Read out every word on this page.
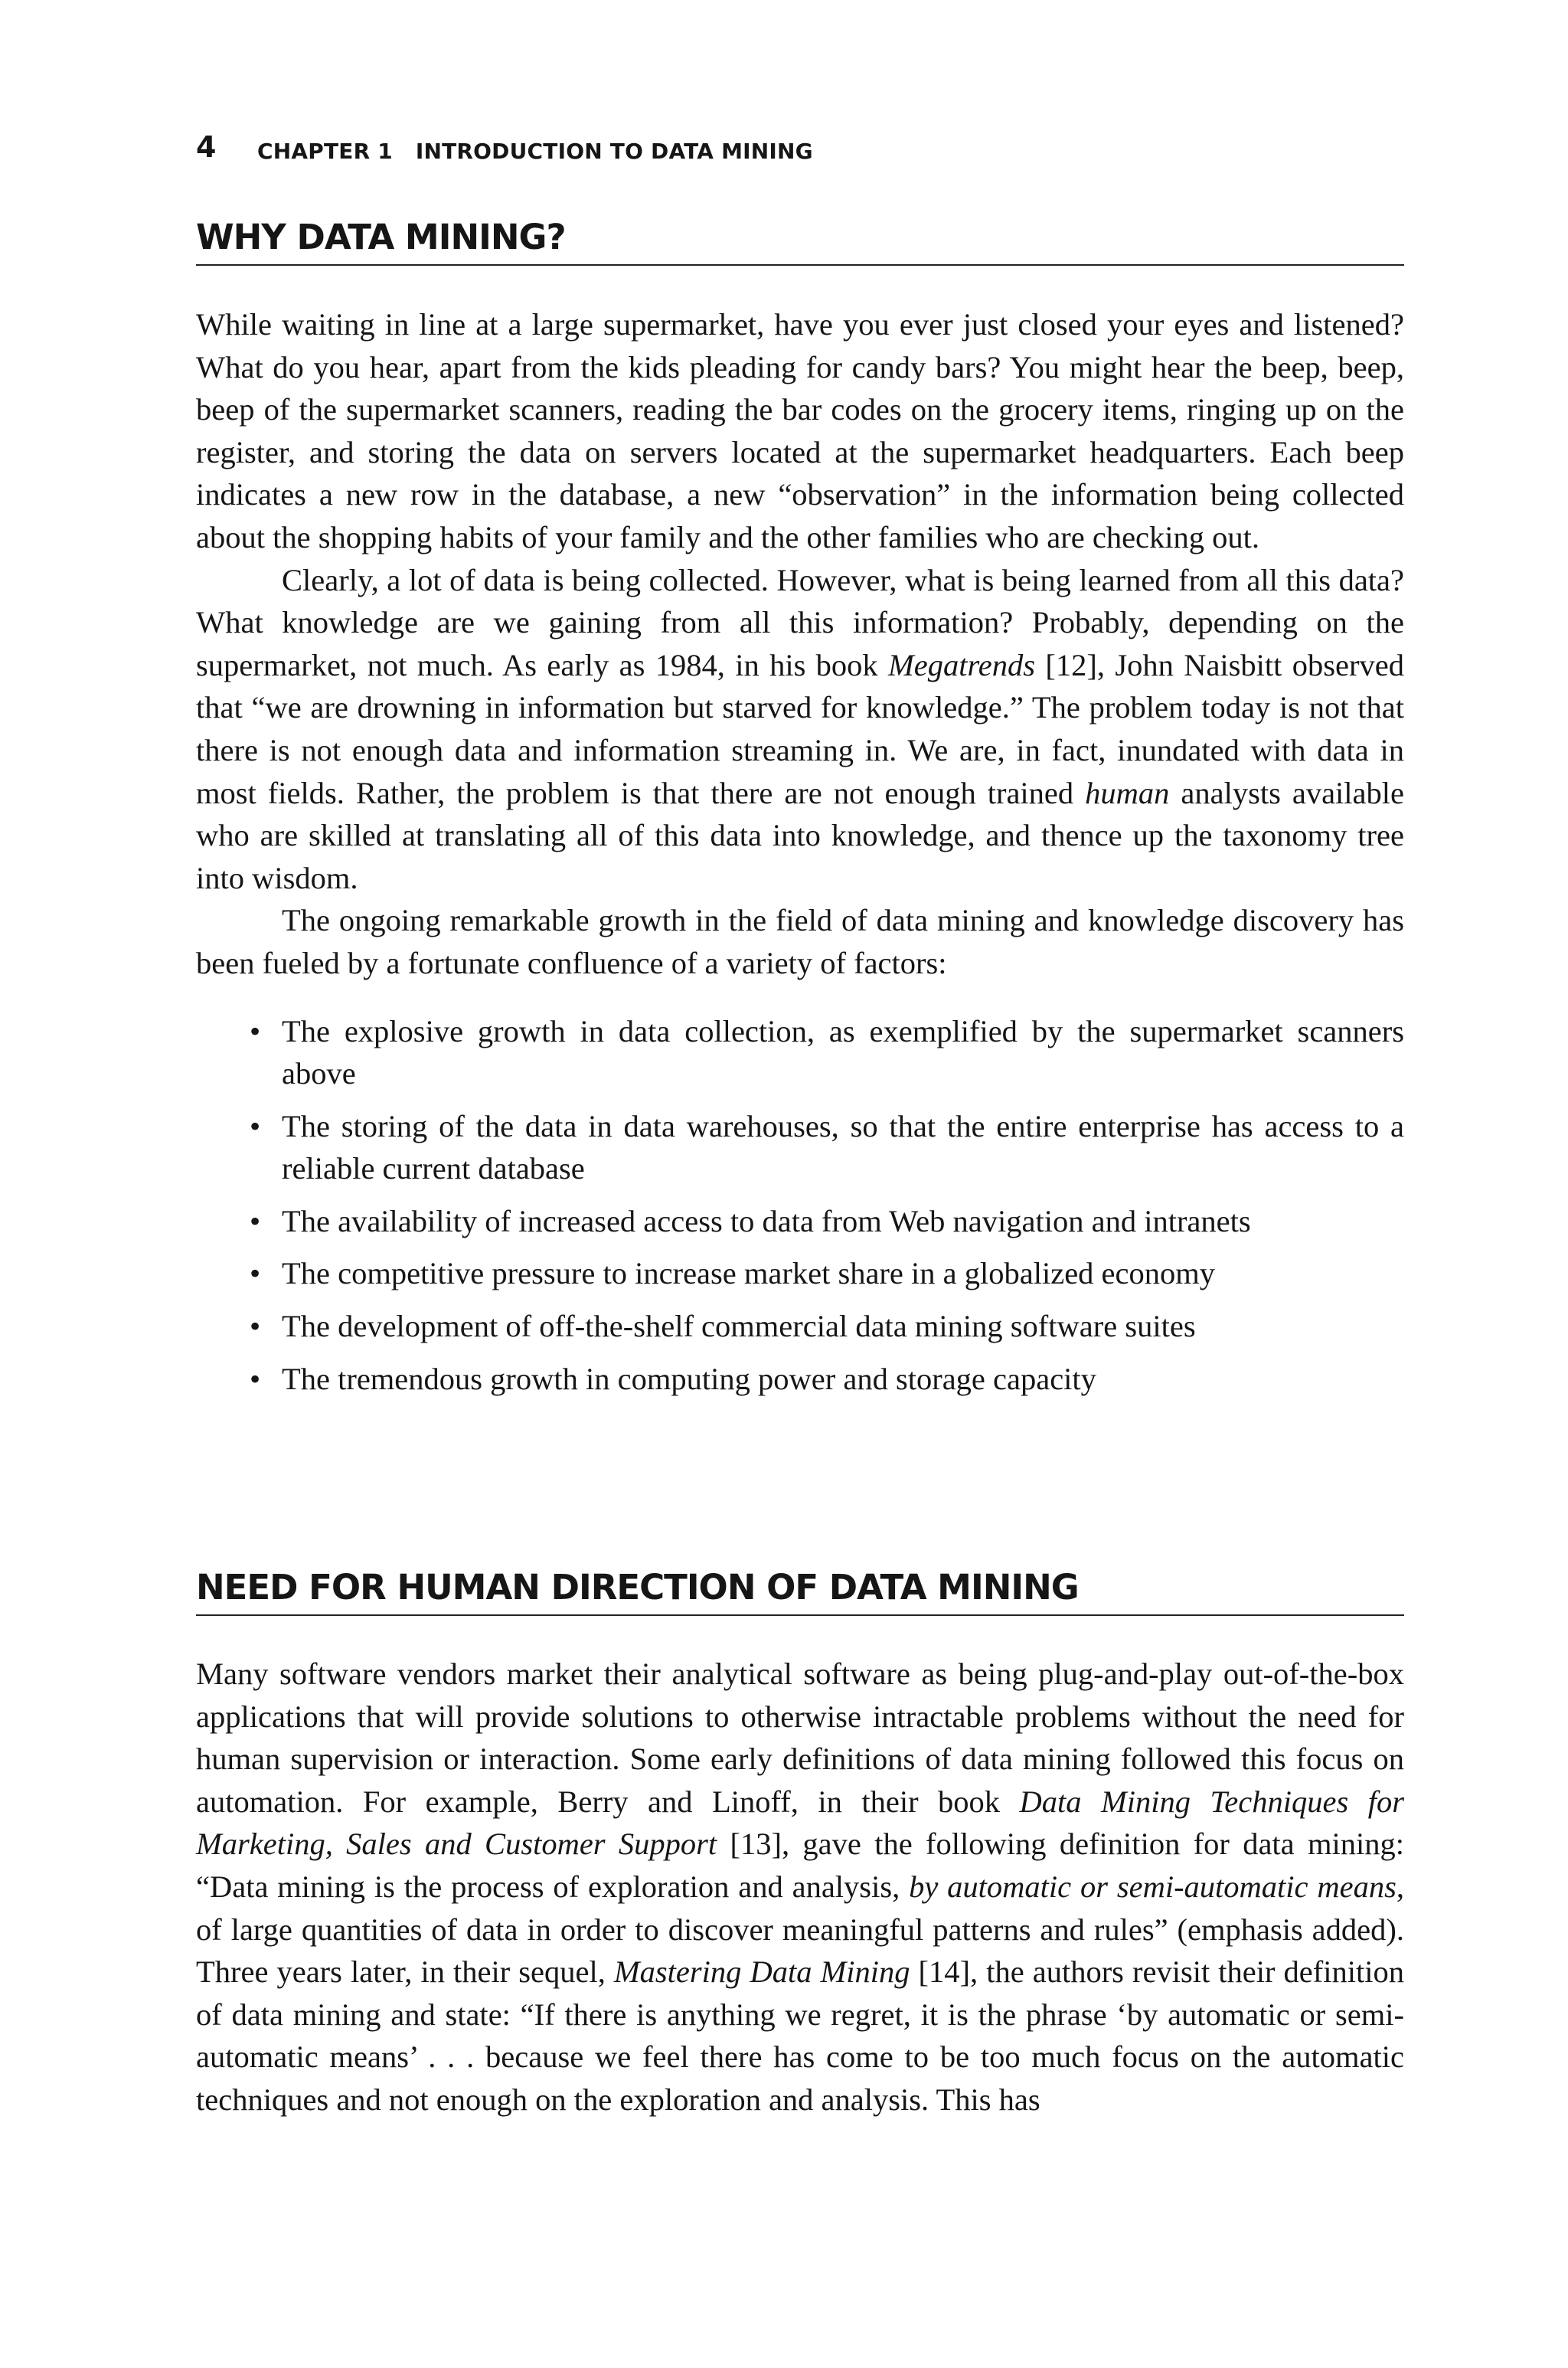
4 CHAPTER 1   INTRODUCTION TO DATA MINING
WHY DATA MINING?

While waiting in line at a large supermarket, have you ever just closed your eyes and listened? What do you hear, apart from the kids pleading for candy bars? You might hear the beep, beep, beep of the supermarket scanners, reading the bar codes on the grocery items, ringing up on the register, and storing the data on servers located at the supermarket headquarters. Each beep indicates a new row in the database, a new “observation” in the information being collected about the shopping habits of your family and the other families who are checking out.

Clearly, a lot of data is being collected. However, what is being learned from all this data? What knowledge are we gaining from all this information? Probably, depending on the supermarket, not much. As early as 1984, in his book Megatrends [12], John Naisbitt observed that “we are drowning in information but starved for knowledge.” The problem today is not that there is not enough data and information streaming in. We are, in fact, inundated with data in most fields. Rather, the problem is that there are not enough trained human analysts available who are skilled at translating all of this data into knowledge, and thence up the taxonomy tree into wisdom.

The ongoing remarkable growth in the field of data mining and knowledge discovery has been fueled by a fortunate confluence of a variety of factors:

• The explosive growth in data collection, as exemplified by the supermarket scanners above
• The storing of the data in data warehouses, so that the entire enterprise has access to a reliable current database
• The availability of increased access to data from Web navigation and intranets
• The competitive pressure to increase market share in a globalized economy
• The development of off-the-shelf commercial data mining software suites
• The tremendous growth in computing power and storage capacity
NEED FOR HUMAN DIRECTION OF DATA MINING

Many software vendors market their analytical software as being plug-and-play out-of-the-box applications that will provide solutions to otherwise intractable problems without the need for human supervision or interaction. Some early definitions of data mining followed this focus on automation. For example, Berry and Linoff, in their book Data Mining Techniques for Marketing, Sales and Customer Support [13], gave the following definition for data mining: “Data mining is the process of exploration and analysis, by automatic or semi-automatic means, of large quantities of data in order to discover meaningful patterns and rules” (emphasis added). Three years later, in their sequel, Mastering Data Mining [14], the authors revisit their definition of data mining and state: “If there is anything we regret, it is the phrase ‘by automatic or semi-automatic means’ . . . because we feel there has come to be too much focus on the automatic techniques and not enough on the exploration and analysis. This has
